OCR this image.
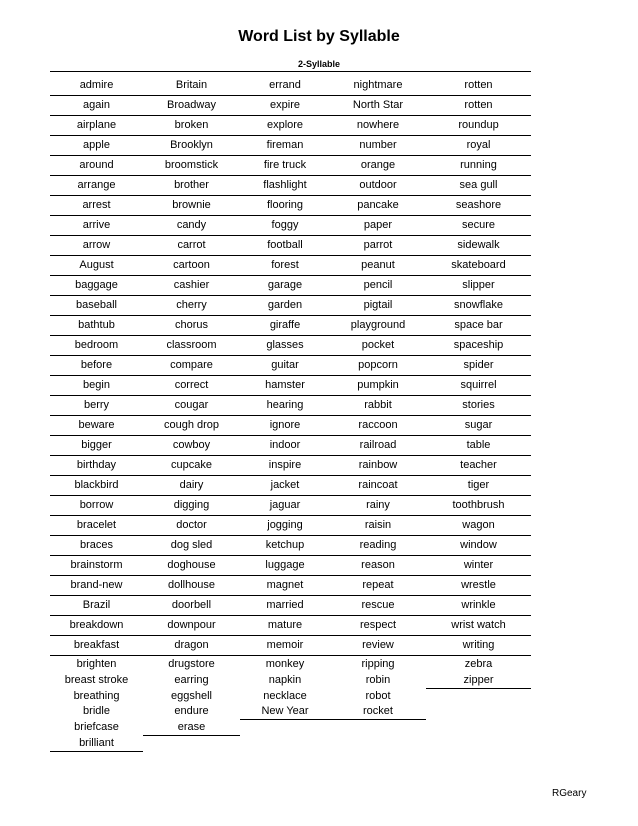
Word List by Syllable
2-Syllable
admire
again
airplane
apple
around
arrange
arrest
arrive
arrow
August
baggage
baseball
bathtub
bedroom
before
begin
berry
beware
bigger
birthday
blackbird
borrow
bracelet
braces
brainstorm
brand-new
Brazil
breakdown
breakfast
brighten
breast stroke
breathing
bridle
briefcase
brilliant
Britain
Broadway
broken
Brooklyn
broomstick
brother
brownie
candy
carrot
cartoon
cashier
cherry
chorus
classroom
compare
correct
cougar
cough drop
cowboy
cupcake
dairy
digging
doctor
dog sled
doghouse
dollhouse
doorbell
downpour
dragon
drugstore
earring
eggshell
endure
erase
errand
expire
explore
fireman
fire truck
flashlight
flooring
foggy
football
forest
garage
garden
giraffe
glasses
guitar
hamster
hearing
ignore
indoor
inspire
jacket
jaguar
jogging
ketchup
luggage
magnet
married
mature
memoir
monkey
napkin
necklace
New Year
nightmare
North Star
nowhere
number
orange
outdoor
pancake
paper
parrot
peanut
pencil
pigtail
playground
pocket
popcorn
pumpkin
rabbit
raccoon
railroad
rainbow
raincoat
rainy
raisin
reading
reason
repeat
rescue
respect
review
ripping
robin
robot
rocket
rotten
rotten
roundup
royal
running
sea gull
seashore
secure
sidewalk
skateboard
slipper
snowflake
space bar
spaceship
spider
squirrel
stories
sugar
table
teacher
tiger
toothbrush
wagon
window
winter
wrestle
wrinkle
wrist watch
writing
zebra
zipper
RGeary
